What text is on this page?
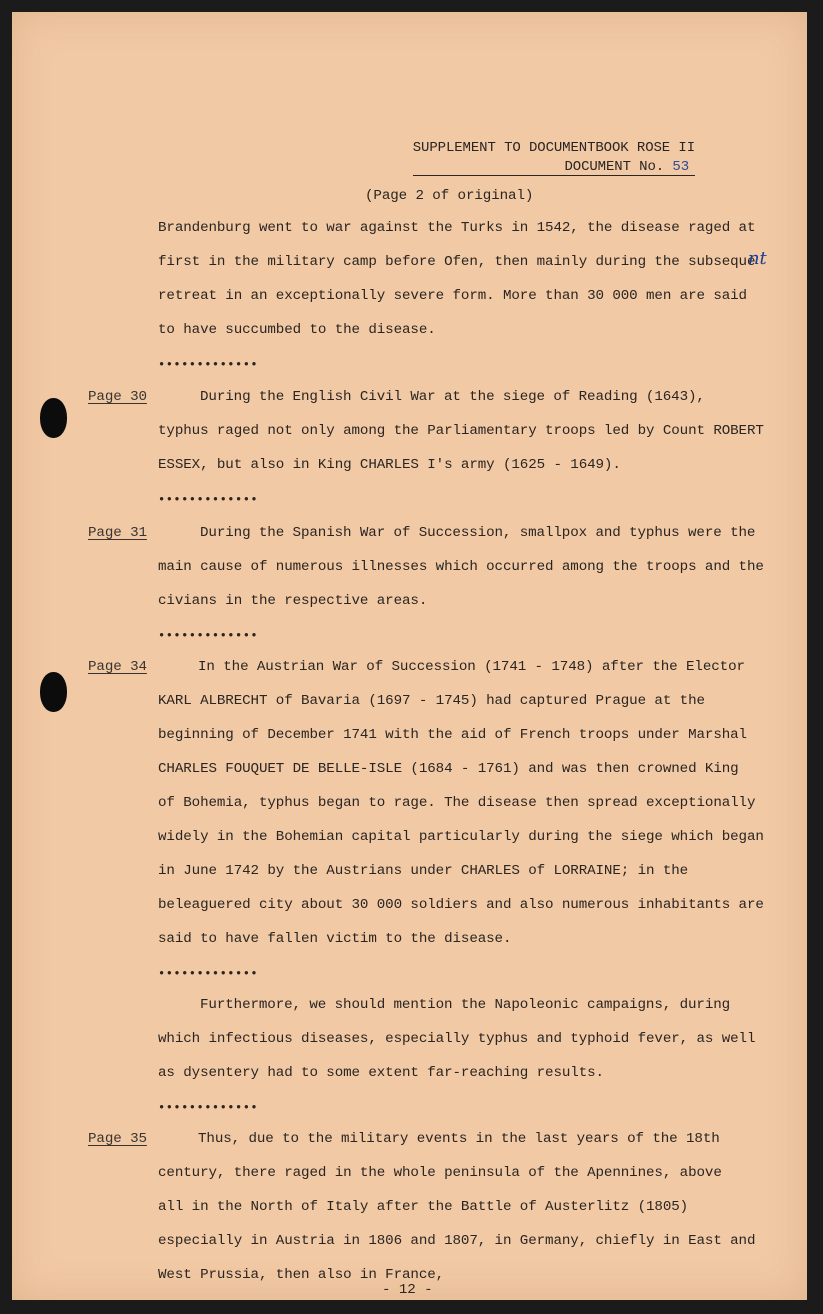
SUPPLEMENT TO DOCUMENTBOOK ROSE II
DOCUMENT No. 53
(Page 2 of original)
Brandenburg went to war against the Turks in 1542, the disease raged at
first in the military camp before Ofen, then mainly during the subseque
nt
retreat in an exceptionally severe form. More than 30 000 men are said
to have succumbed to the disease.
•••••••••••••
Page 30	During the English Civil War at the siege of Reading (1643),
typhus raged not only among the Parliamentary troops led by Count ROBERT
ESSEX, but also in King CHARLES I's army (1625 - 1649).
•••••••••••••
Page 31	During the Spanish War of Succession, smallpox and typhus were the
main cause of numerous illnesses which occurred among the troops and the
civians in the respective areas.
•••••••••••••
Page 34	In the Austrian War of Succession (1741 - 1748) after the Elector
KARL ALBRECHT of Bavaria (1697 - 1745) had captured Prague at the
beginning of December 1741 with the aid of French troops under Marshal
CHARLES FOUQUET DE BELLE-ISLE (1684 - 1761) and was then crowned King
of Bohemia, typhus began to rage. The disease then spread exceptionally
widely in the Bohemian capital particularly during the siege which began
in June 1742 by the Austrians under CHARLES of LORRAINE; in the
beleaguered city about 30 000 soldiers and also numerous inhabitants are
said to have fallen victim to the disease.
•••••••••••••
Furthermore, we should mention the Napoleonic campaigns, during
which infectious diseases, especially typhus and typhoid fever, as well
as dysentery had to some extent far-reaching results.
•••••••••••••
Page 35	Thus, due to the military events in the last years of the 18th
century, there raged in the whole peninsula of the Apennines, above
all in the North of Italy after the Battle of Austerlitz (1805)
especially in Austria in 1806 and 1807, in Germany, chiefly in East and
West Prussia, then also in France,
- 12 -
